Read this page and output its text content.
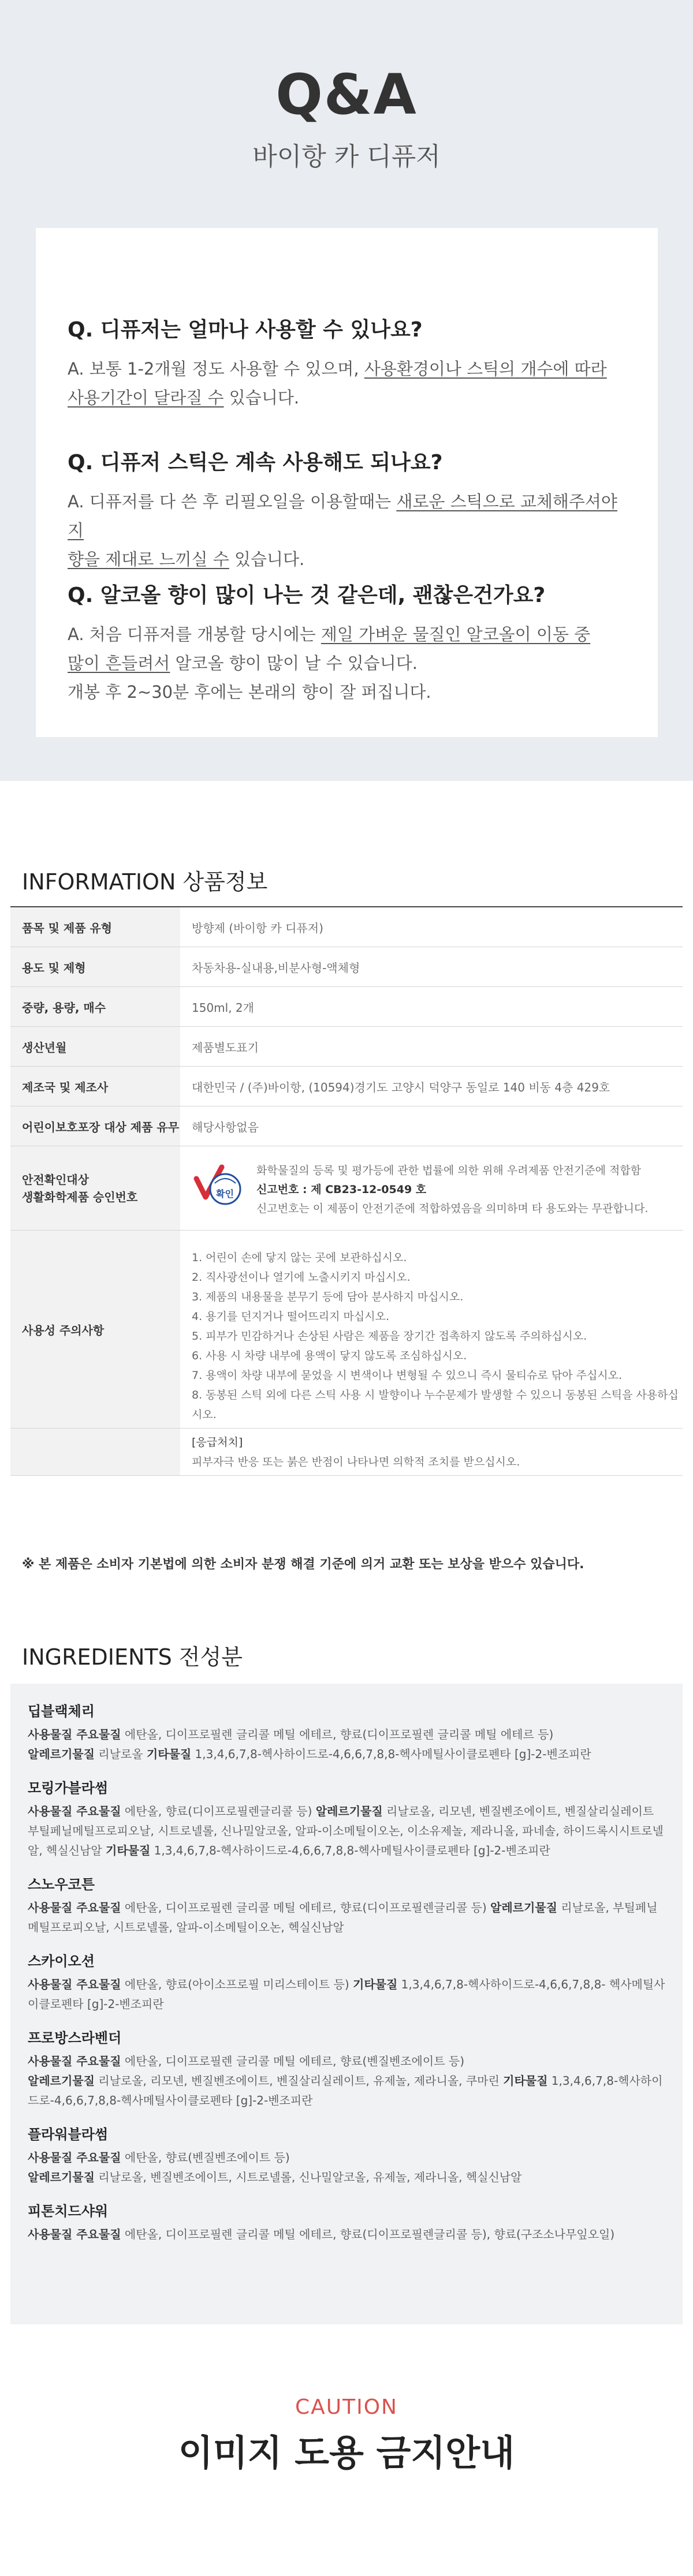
Q&A
바이항 카 디퓨저
Q. 디퓨저는 얼마나 사용할 수 있나요?
A. 보통 1-2개월 정도 사용할 수 있으며, 사용환경이나 스틱의 개수에 따라
사용기간이 달라질 수 있습니다.
Q. 디퓨저 스틱은 계속 사용해도 되나요?
A. 디퓨저를 다 쓴 후 리필오일을 이용할때는 새로운 스틱으로 교체해주셔야지
향을 제대로 느끼실 수 있습니다.
Q. 알코올 향이 많이 나는 것 같은데, 괜찮은건가요?
A. 처음 디퓨저를 개봉할 당시에는 제일 가벼운 물질인 알코올이 이동 중
많이 흔들려서 알코올 향이 많이 날 수 있습니다.
개봉 후 2~30분 후에는 본래의 향이 잘 퍼집니다.
INFORMATION 상품정보
품목 및 제품 유형	방향제 (바이항 카 디퓨저)
용도 및 제형	차동차용-실내용,비분사형-액체형
중량, 용량, 매수	150ml, 2개
생산년월	제품별도표기
제조국 및 제조사	대한민국 / (주)바이항, (10594)경기도 고양시 덕양구 동일로 140 비동 4층 429호
어린이보호포장 대상 제품 유무	해당사항없음
안전확인대상
생활화학제품 승인번호	확인
화학물질의 등록 및 평가등에 관한 법률에 의한 위해 우려제품 안전기준에 적합함
신고번호 : 제 CB23-12-0549 호
신고번호는 이 제품이 안전기준에 적합하였음을 의미하며 타 용도와는 무관합니다.
사용성 주의사항
1. 어린이 손에 닿지 않는 곳에 보관하십시오.
2. 직사광선이나 열기에 노출시키지 마십시오.
3. 제품의 내용물을 분무기 등에 담아 분사하지 마십시오.
4. 용기를 던지거나 떨어뜨리지 마십시오.
5. 피부가 민감하거나 손상된 사람은 제품을 장기간 접촉하지 않도록 주의하십시오.
6. 사용 시 차량 내부에 용액이 닿지 않도록 조심하십시오.
7. 용액이 차량 내부에 묻었을 시 변색이나 변형될 수 있으니 즉시 물티슈로 닦아 주십시오.
8. 동봉된 스틱 외에 다른 스틱 사용 시 발향이나 누수문제가 발생할 수 있으니 동봉된 스틱을 사용하십시오.
[응급처치]
피부자극 반응 또는 붉은 반점이 나타나면 의학적 조치를 받으십시오.
※ 본 제품은 소비자 기본법에 의한 소비자 분쟁 해결 기준에 의거 교환 또는 보상을 받으수 있습니다.
INGREDIENTS 전성분
딥블랙체리
사용물질 주요물질 에탄올, 디이프로필렌 글리콜 메틸 에테르, 향료(디이프로필렌 글리콜 메틸 에테르 등)
알레르기물질 리날로올 기타물질 1,3,4,6,7,8-헥사하이드로-4,6,6,7,8,8-헥사메틸사이클로펜타 [g]-2-벤조피란
모링가블라썸
사용물질 주요물질 에탄올, 향료(디이프로필렌글리콜 등) 알레르기물질 리날로올, 리모넨, 벤질벤조에이트, 벤질살리실레이트 부틸페닐메틸프로피오날, 시트로넬롤, 신나밀알코올, 알파-이소메틸이오논, 이소유제놀, 제라니올, 파네솔, 하이드록시시트로넬알, 헥실신남알 기타물질 1,3,4,6,7,8-헥사하이드로-4,6,6,7,8,8-헥사메틸사이클로펜타 [g]-2-벤조피란
스노우코튼
사용물질 주요물질 에탄올, 디이프로필렌 글리콜 메틸 에테르, 향료(디이프로필렌글리콜 등) 알레르기물질 리날로올, 부틸페닐메틸프로피오날, 시트로넬롤, 알파-이소메틸이오논, 헥실신남알
스카이오션
사용물질 주요물질 에탄올, 향료(아이소프로필 미리스테이트 등) 기타물질 1,3,4,6,7,8-헥사하이드로-4,6,6,7,8,8- 헥사메틸사이클로펜타 [g]-2-벤조피란
프로방스라벤더
사용물질 주요물질 에탄올, 디이프로필렌 글리콜 메틸 에테르, 향료(벤질벤조에이트 등)
알레르기물질 리날로올, 리모넨, 벤질벤조에이트, 벤질살리실레이트, 유제놀, 제라니올, 쿠마린 기타물질 1,3,4,6,7,8-헥사하이드로-4,6,6,7,8,8-헥사메틸사이클로펜타 [g]-2-벤조피란
플라워블라썸
사용물질 주요물질 에탄올, 향료(벤질벤조에이트 등)
알레르기물질 리날로올, 벤질벤조에이트, 시트로넬롤, 신나밀알코올, 유제놀, 제라니올, 헥실신남알
피톤치드샤워
사용물질 주요물질 에탄올, 디이프로필렌 글리콜 메틸 에테르, 향료(디이프로필렌글리콜 등), 향료(구조소나무잎오일)
CAUTION
이미지 도용 금지안내
